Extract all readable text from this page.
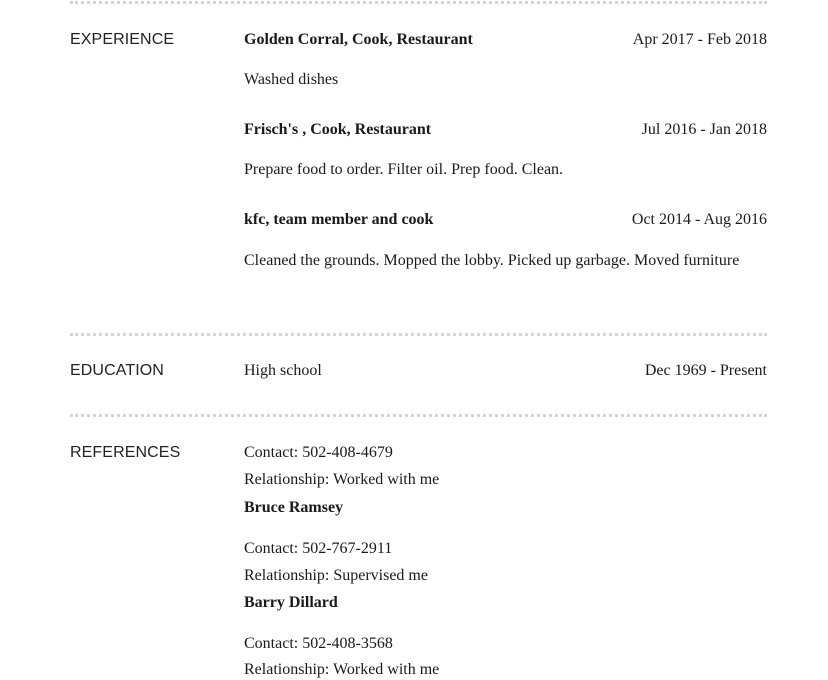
EXPERIENCE	Golden Corral, Cook, Restaurant	Apr 2017 - Feb 2018
Washed dishes
Frisch's , Cook, Restaurant	Jul 2016 - Jan 2018
Prepare food to order. Filter oil. Prep food. Clean.
kfc, team member and cook	Oct 2014 - Aug 2016
Cleaned the grounds. Mopped the lobby. Picked up garbage. Moved furniture
EDUCATION	High school	Dec 1969 - Present
REFERENCES	Contact: 502-408-4679
Relationship: Worked with me
Bruce Ramsey
Contact: 502-767-2911
Relationship: Supervised me
Barry Dillard
Contact: 502-408-3568
Relationship: Worked with me
